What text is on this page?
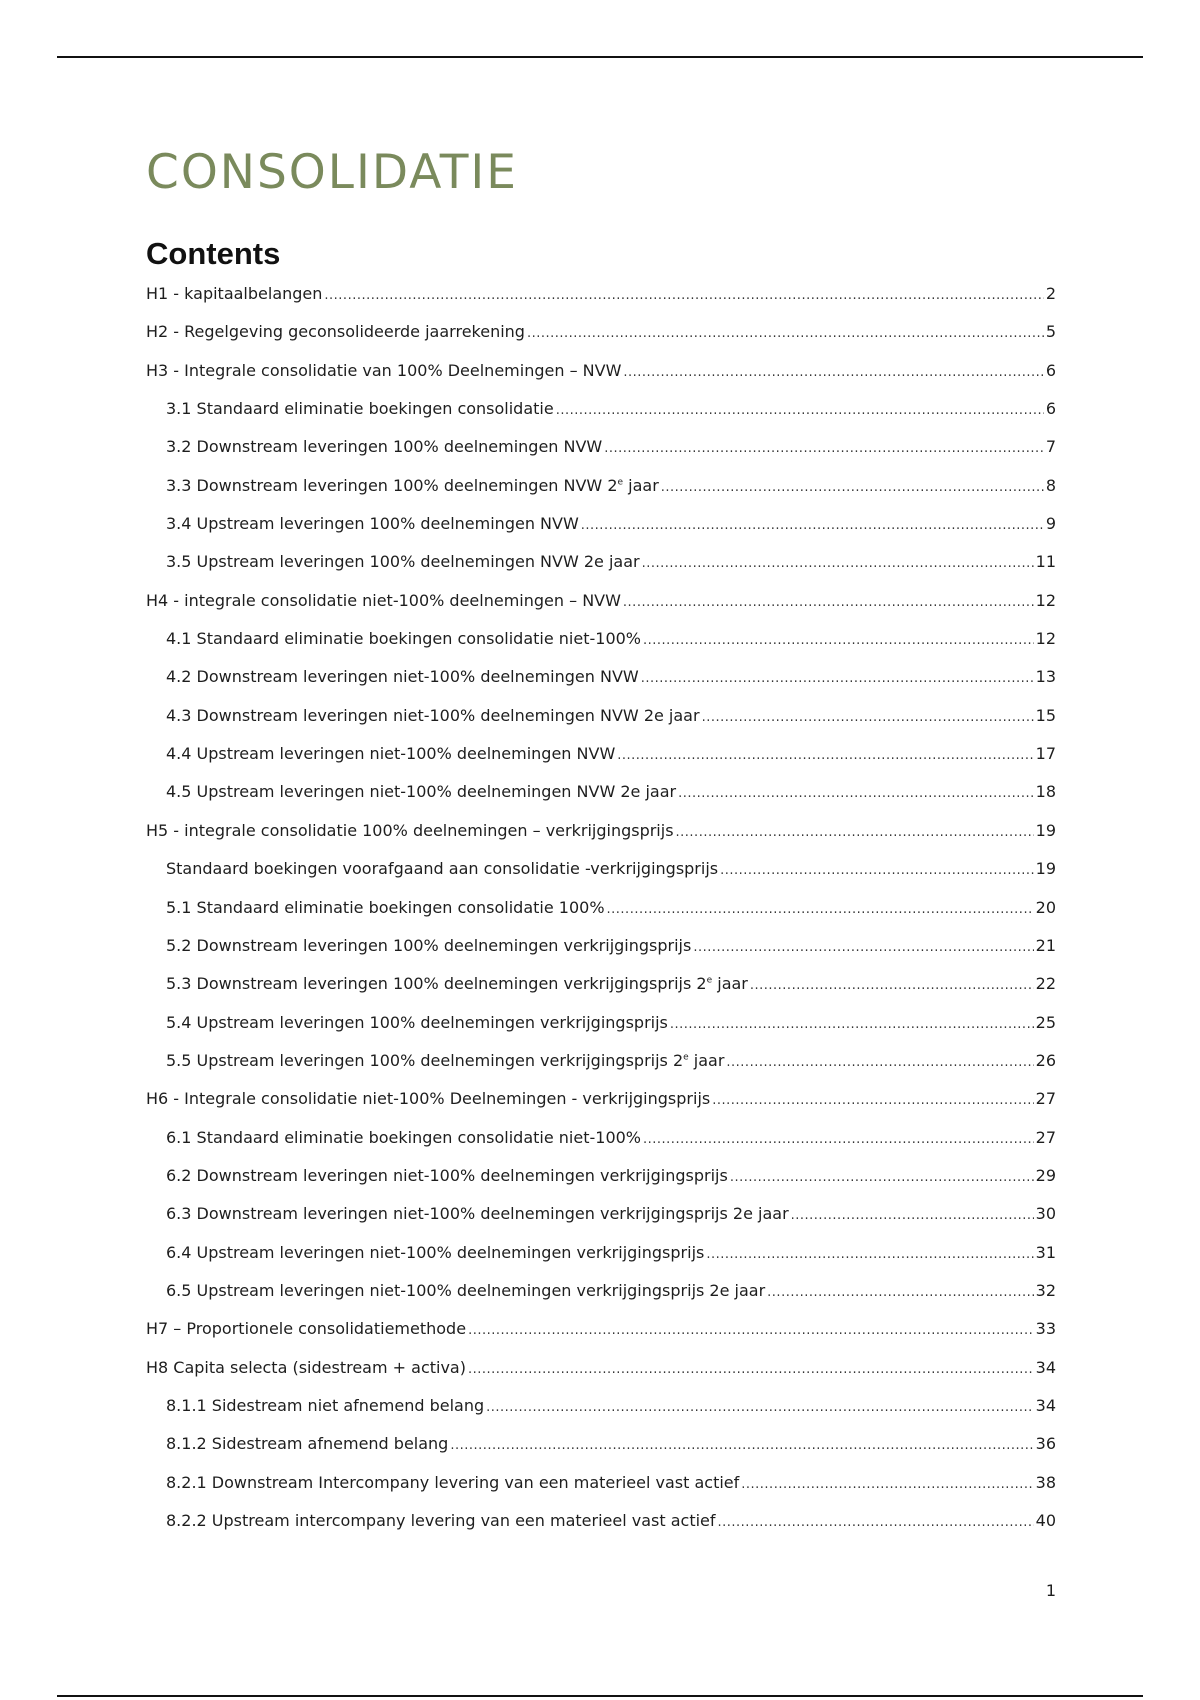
CONSOLIDATIE
Contents
H1 - kapitaalbelangen .....	2
H2 - Regelgeving geconsolideerde jaarrekening .....	5
H3 - Integrale consolidatie van 100% Deelnemingen – NVW .....	6
3.1 Standaard eliminatie boekingen consolidatie .....	6
3.2 Downstream leveringen 100% deelnemingen NVW .....	7
3.3 Downstream leveringen 100% deelnemingen NVW 2e jaar .....	8
3.4 Upstream leveringen 100% deelnemingen NVW .....	9
3.5 Upstream leveringen 100% deelnemingen NVW 2e jaar .....	11
H4 - integrale consolidatie niet-100% deelnemingen – NVW .....	12
4.1 Standaard eliminatie boekingen consolidatie niet-100% .....	12
4.2 Downstream leveringen niet-100% deelnemingen NVW .....	13
4.3 Downstream leveringen niet-100% deelnemingen NVW 2e jaar .....	15
4.4 Upstream leveringen niet-100% deelnemingen NVW .....	17
4.5 Upstream leveringen niet-100% deelnemingen NVW 2e jaar .....	18
H5 - integrale consolidatie 100% deelnemingen – verkrijgingsprijs .....	19
Standaard boekingen voorafgaand aan consolidatie -verkrijgingsprijs .....	19
5.1 Standaard eliminatie boekingen consolidatie 100% .....	20
5.2 Downstream leveringen 100% deelnemingen verkrijgingsprijs .....	21
5.3 Downstream leveringen 100% deelnemingen verkrijgingsprijs 2e jaar .....	22
5.4 Upstream leveringen 100% deelnemingen verkrijgingsprijs .....	25
5.5 Upstream leveringen 100% deelnemingen verkrijgingsprijs 2e jaar .....	26
H6 - Integrale consolidatie niet-100% Deelnemingen - verkrijgingsprijs .....	27
6.1 Standaard eliminatie boekingen consolidatie niet-100% .....	27
6.2 Downstream leveringen niet-100% deelnemingen verkrijgingsprijs .....	29
6.3 Downstream leveringen niet-100% deelnemingen verkrijgingsprijs 2e jaar .....	30
6.4 Upstream leveringen niet-100% deelnemingen verkrijgingsprijs .....	31
6.5 Upstream leveringen niet-100% deelnemingen verkrijgingsprijs 2e jaar .....	32
H7 – Proportionele consolidatiemethode .....	33
H8 Capita selecta (sidestream + activa) .....	34
8.1.1 Sidestream niet afnemend belang .....	34
8.1.2 Sidestream afnemend belang .....	36
8.2.1 Downstream Intercompany levering van een materieel vast actief .....	38
8.2.2 Upstream intercompany levering van een materieel vast actief .....	40
1
